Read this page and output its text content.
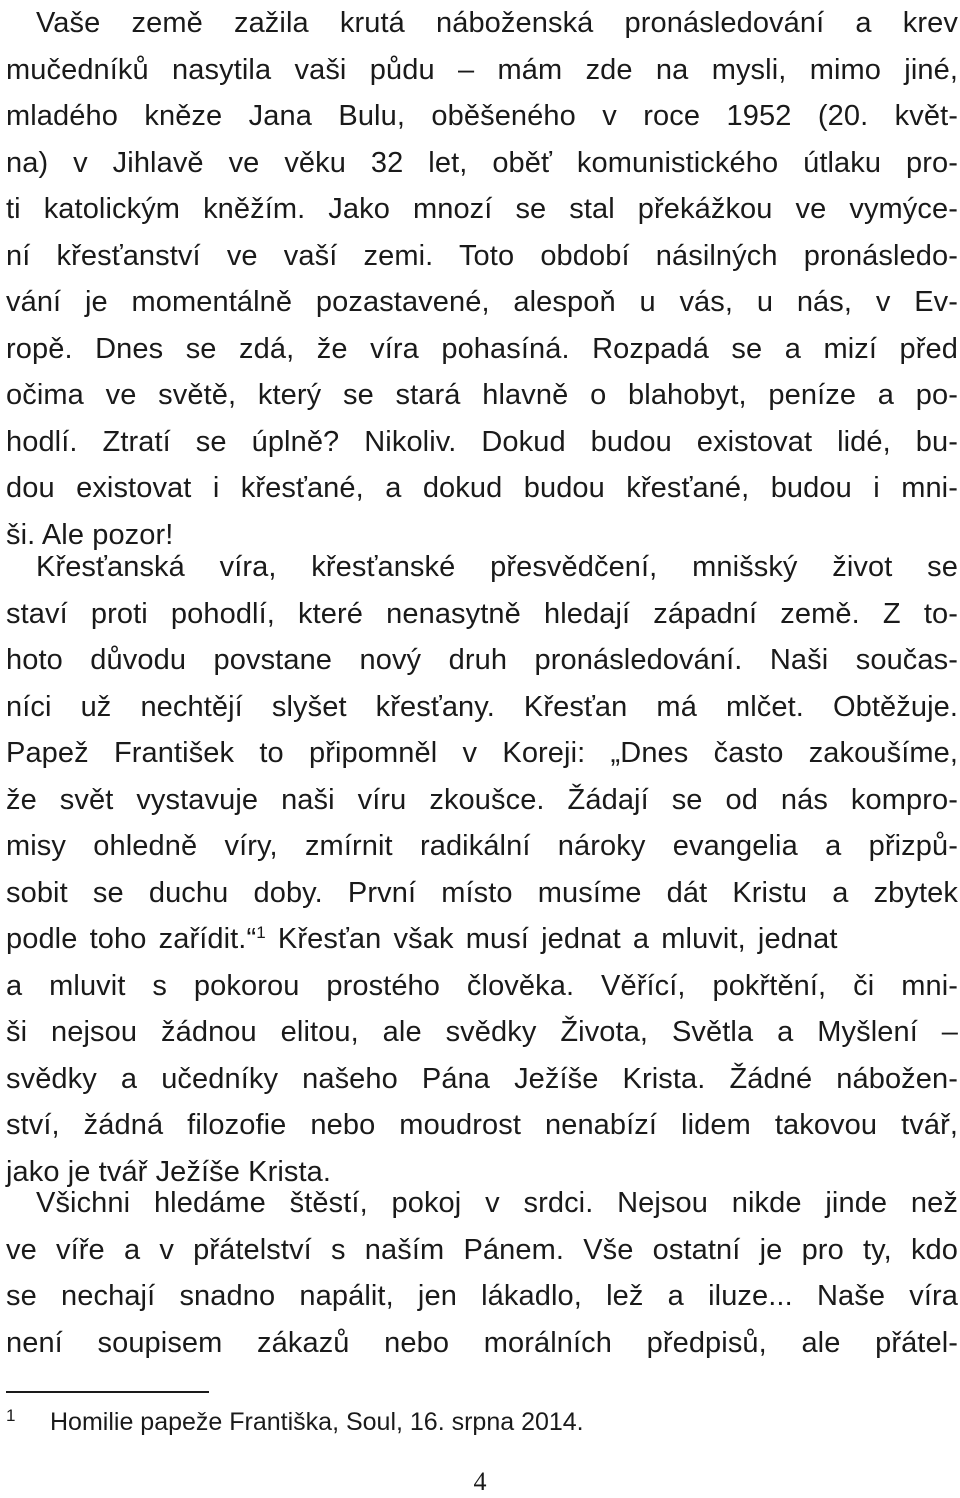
Vaše země zažila krutá náboženská pronásledování a krev
mučedníků nasytila vaši půdu – mám zde na mysli, mimo jiné,
mladého kněze Jana Bulu, oběšeného v roce 1952 (20. květ-
na) v Jihlavě ve věku 32 let, oběť komunistického útlaku pro-
ti katolickým kněžím. Jako mnozí se stal překážkou ve vymýce-
ní křesťanství ve vaší zemi. Toto období násilných pronásledo-
vání je momentálně pozastavené, alespoň u vás, u nás, v Ev-
ropě. Dnes se zdá, že víra pohasíná. Rozpadá se a mizí před
očima ve světě, který se stará hlavně o blahobyt, peníze a po-
hodlí. Ztratí se úplně? Nikoliv. Dokud budou existovat lidé, bu-
dou existovat i křesťané, a dokud budou křesťané, budou i mni-
ši. Ale pozor!
Křesťanská víra, křesťanské přesvědčení, mnišský život se
staví proti pohodlí, které nenasytně hledají západní země. Z to-
hoto důvodu povstane nový druh pronásledování. Naši součas-
níci už nechtějí slyšet křesťany. Křesťan má mlčet. Obtěžuje.
Papež František to připomněl v Koreji: „Dnes často zakoušíme,
že svět vystavuje naši víru zkoušce. Žádají se od nás kompro-
misy ohledně víry, zmírnit radikální nároky evangelia a přizpů-
sobit se duchu doby. První místo musíme dát Kristu a zbytek
podle toho zařídit.“$^1$ Křesťan však musí jednat a mluvit, jednat
a mluvit s pokorou prostého člověka. Věřící, pokřtění, či mni-
ši nejsou žádnou elitou, ale svědky Života, Světla a Myšlení –
svědky a učedníky našeho Pána Ježíše Krista. Žádné nábožen-
ství, žádná filozofie nebo moudrost nenabízí lidem takovou tvář,
jako je tvář Ježíše Krista.
Všichni hledáme štěstí, pokoj v srdci. Nejsou nikde jinde než
ve víře a v přátelství s naším Pánem. Vše ostatní je pro ty, kdo
se nechají snadno napálit, jen lákadlo, lež a iluze... Naše víra
není soupisem zákazů nebo morálních předpisů, ale přátel-
1 Homilie papeže Františka, Soul, 16. srpna 2014.
4
